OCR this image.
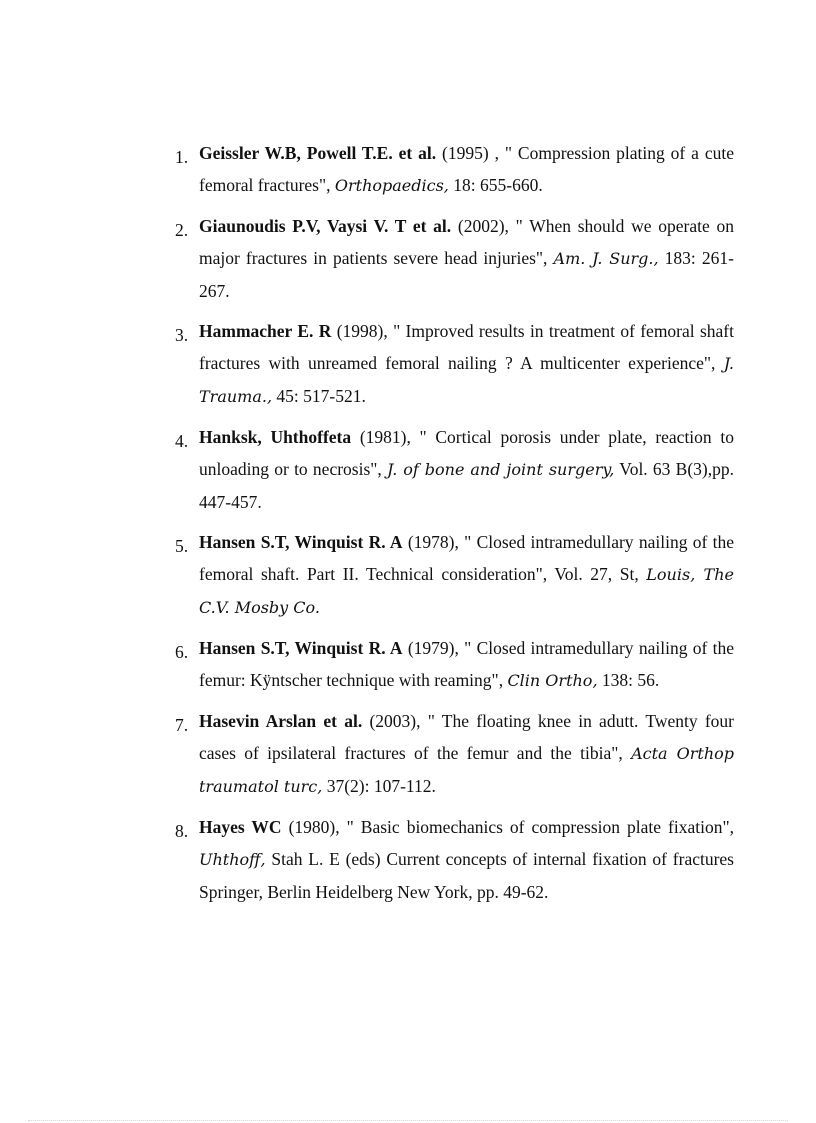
1. Geissler W.B, Powell T.E. et al. (1995) , " Compression plating of a cute femoral fractures", Orthopaedics, 18: 655-660.
2. Giaunoudis P.V, Vaysi V. T et al. (2002), " When should we operate on major fractures in patients severe head injuries", Am. J. Surg., 183: 261-267.
3. Hammacher E. R (1998), " Improved results in treatment of femoral shaft fractures with unreamed femoral nailing ? A multicenter experience", J. Trauma., 45: 517-521.
4. Hanksk, Uhthoffeta (1981), " Cortical porosis under plate, reaction to unloading or to necrosis", J. of bone and joint surgery, Vol. 63 B(3),pp. 447-457.
5. Hansen S.T, Winquist R. A (1978), " Closed intramedullary nailing of the femoral shaft. Part II. Technical consideration", Vol. 27, St, Louis, The C.V. Mosby Co.
6. Hansen S.T, Winquist R. A (1979), " Closed intramedullary nailing of the femur: Kÿntscher technique with reaming", Clin Ortho, 138: 56.
7. Hasevin Arslan et al. (2003), " The floating knee in adutt. Twenty four cases of ipsilateral fractures of the femur and the tibia", Acta Orthop traumatol turc, 37(2): 107-112.
8. Hayes WC (1980), " Basic biomechanics of compression plate fixation", Uhthoff, Stah L. E (eds) Current concepts of internal fixation of fractures Springer, Berlin Heidelberg New York, pp. 49-62.
